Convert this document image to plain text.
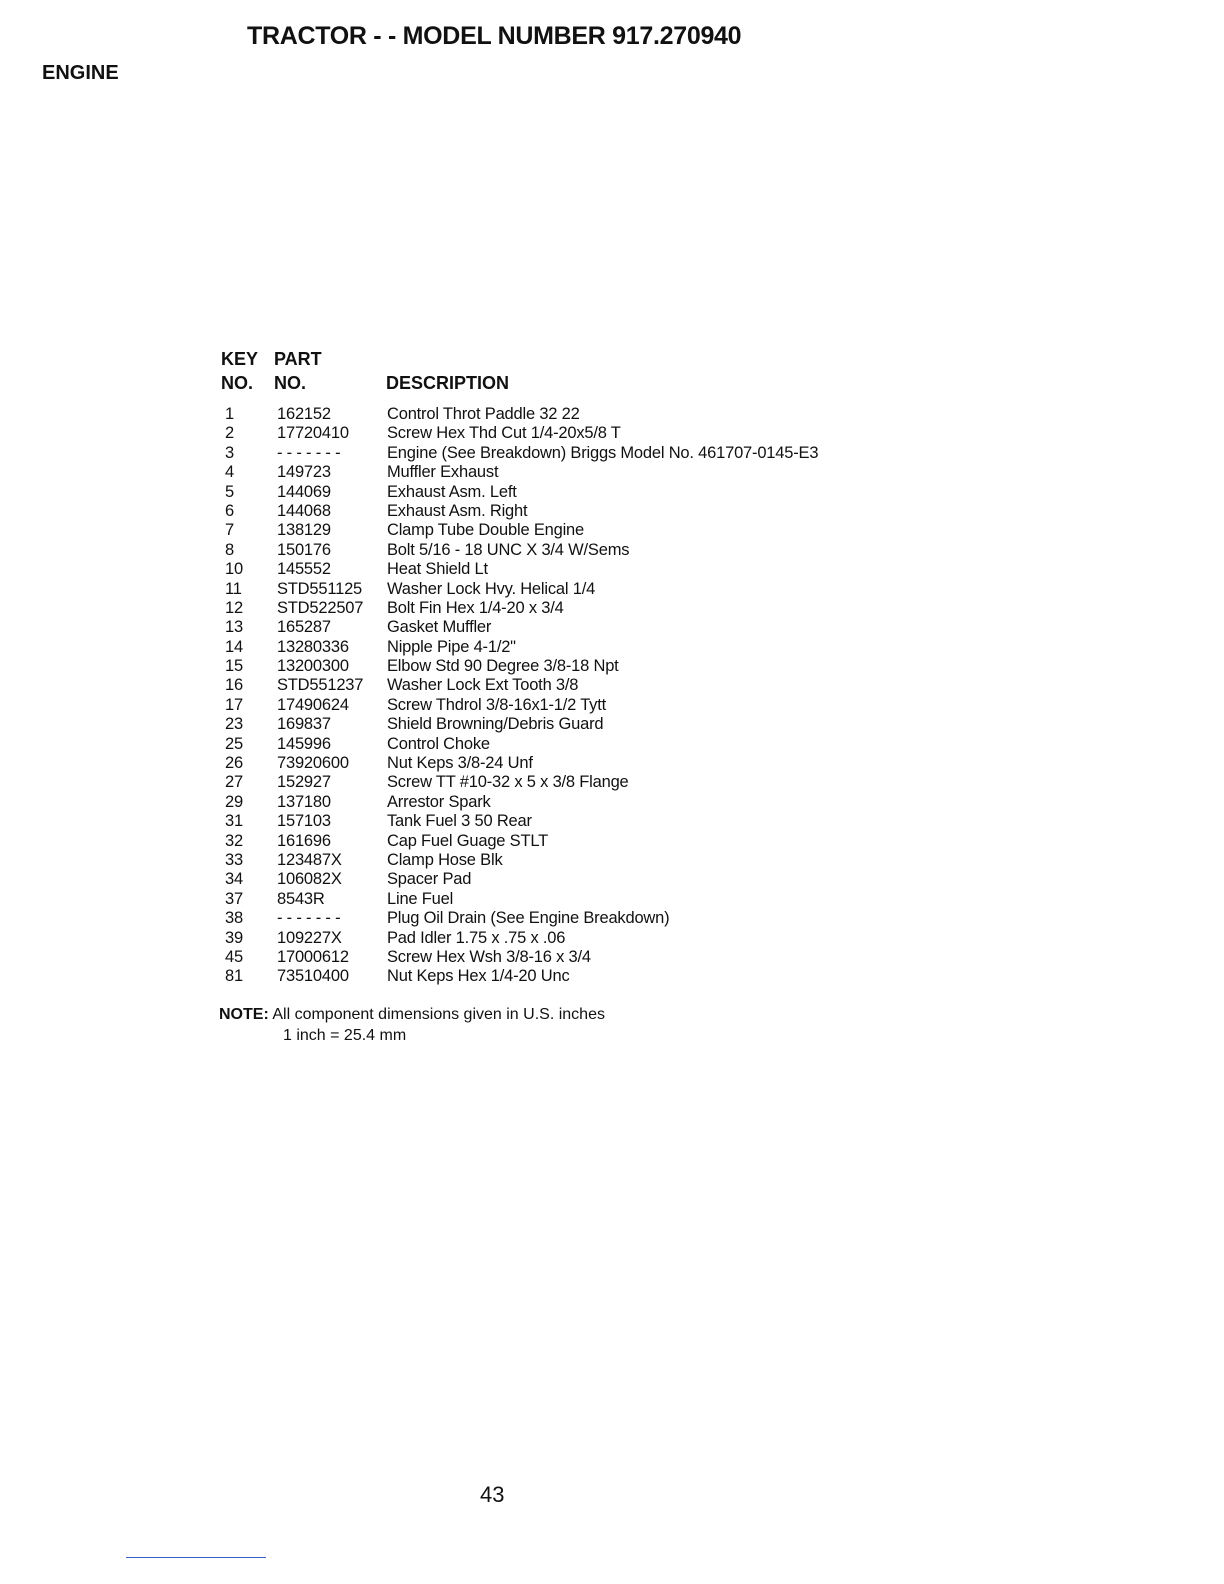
TRACTOR - - MODEL NUMBER 917.270940
ENGINE
KEY PART
NO. NO.	DESCRIPTION
1	162152	Control Throt Paddle 32 22
2	17720410 Screw Hex Thd Cut 1/4-20x5/8 T
3	- - - - - - -	Engine (See Breakdown) Briggs Model No. 461707-0145-E3
4	149723	Muffler Exhaust
5	144069	Exhaust Asm. Left
6	144068	Exhaust Asm. Right
7	138129	Clamp Tube Double Engine
8	150176	Bolt 5/16 - 18 UNC X 3/4 W/Sems
10 145552	Heat Shield Lt
11 STD551125 Washer Lock Hvy. Helical 1/4
12 STD522507 Bolt Fin Hex 1/4-20 x 3/4
13 165287	Gasket Muffler
14 13280336 Nipple Pipe 4-1/2"
15 13200300 Elbow Std 90 Degree 3/8-18 Npt
16 STD551237 Washer Lock Ext Tooth 3/8
17 17490624 Screw Thdrol 3/8-16x1-1/2 Tytt
23 169837	Shield Browning/Debris Guard
25 145996	Control Choke
26 73920600 Nut Keps 3/8-24 Unf
27 152927	Screw TT #10-32 x 5 x 3/8 Flange
29 137180	Arrestor Spark
31 157103	Tank Fuel 3 50 Rear
32 161696	Cap Fuel Guage STLT
33 123487X	Clamp Hose Blk
34 106082X	Spacer Pad
37 8543R	Line Fuel
38 - - - - - - -	Plug Oil Drain (See Engine Breakdown)
39 109227X	Pad Idler 1.75 x .75 x .06
45 17000612 Screw Hex Wsh 3/8-16 x 3/4
81 73510400 Nut Keps Hex 1/4-20 Unc
NOTE: All component dimensions given in U.S. inches
1 inch = 25.4 mm
43
